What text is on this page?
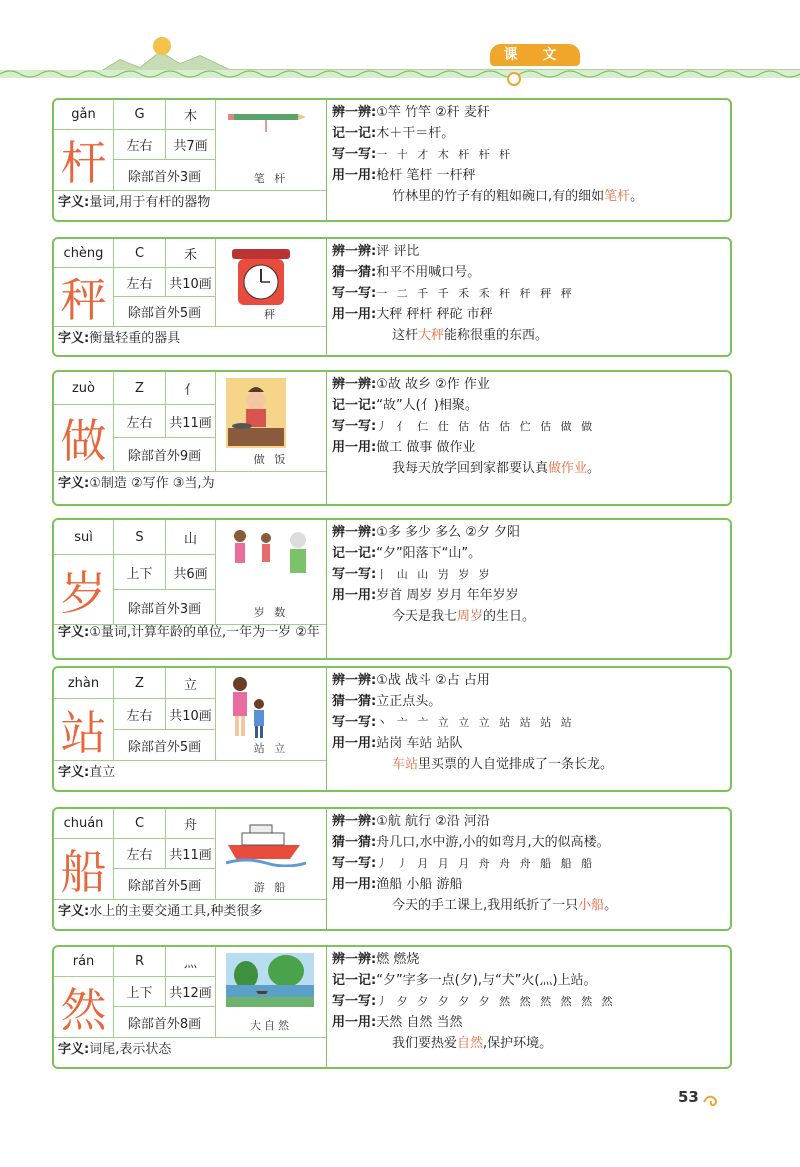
课 文
gǎn	G	木
杆	左右	共7画
除部首外3画	笔 杆
字义:量词,用于有杆的器物
辨一辨:①竿 竹竿 ②秆 麦秆
记一记:木＋干＝杆。
写一写:一 十 才 木 杆 杆 杆
用一用:枪杆 笔杆 一杆秤
竹林里的竹子有的粗如碗口,有的细如笔杆。
chèng	C	禾
秤	左右	共10画
除部首外5画	秤
字义:衡量轻重的器具
辨一辨:评 评比
猜一猜:和平不用喊口号。
写一写:一 二 千 千 禾 禾 秆 秆 秤 秤
用一用:大秤 秤杆 秤砣 市秤
这杆大秤能称很重的东西。
zuò	Z	亻
做	左右	共11画
除部首外9画	做 饭
字义:①制造 ②写作 ③当,为
辨一辨:①故 故乡 ②作 作业
记一记:“故”人(亻)相聚。
写一写:丿 亻 仁 仕 估 估 估 伫 估 做 做
用一用:做工 做事 做作业
我每天放学回到家都要认真做作业。
suì	S	山
岁	上下	共6画
除部首外3画	岁 数
字义:①量词,计算年龄的单位,一年为一岁 ②年
辨一辨:①多 多少 多么 ②夕 夕阳
记一记:“夕”阳落下“山”。
写一写:丨 山 山 屶 岁 岁
用一用:岁首 周岁 岁月 年年岁岁
今天是我七周岁的生日。
zhàn	Z	立
站	左右	共10画
除部首外5画	站 立
字义:直立
辨一辨:①战 战斗 ②占 占用
猜一猜:立正点头。
写一写:丶 亠 亠 立 立 立 站 站 站 站
用一用:站岗 车站 站队
车站里买票的人自觉排成了一条长龙。
chuán	C	舟
船	左右	共11画
除部首外5画	游 船
字义:水上的主要交通工具,种类很多
辨一辨:①航 航行 ②沿 河沿
猜一猜:舟几口,水中游,小的如弯月,大的似高楼。
写一写:丿 丿 月 月 月 舟 舟 舟 船 船 船
用一用:渔船 小船 游船
今天的手工课上,我用纸折了一只小船。
rán	R	灬
然	上下	共12画
除部首外8画	大自然
字义:词尾,表示状态
辨一辨:燃 燃烧
记一记:“夕”字多一点(夕),与“犬”火(灬)上站。
写一写:丿 夕 夕 夕 夕 夕 然 然 然 然 然 然
用一用:天然 自然 当然
我们要热爱自然,保护环境。
53
